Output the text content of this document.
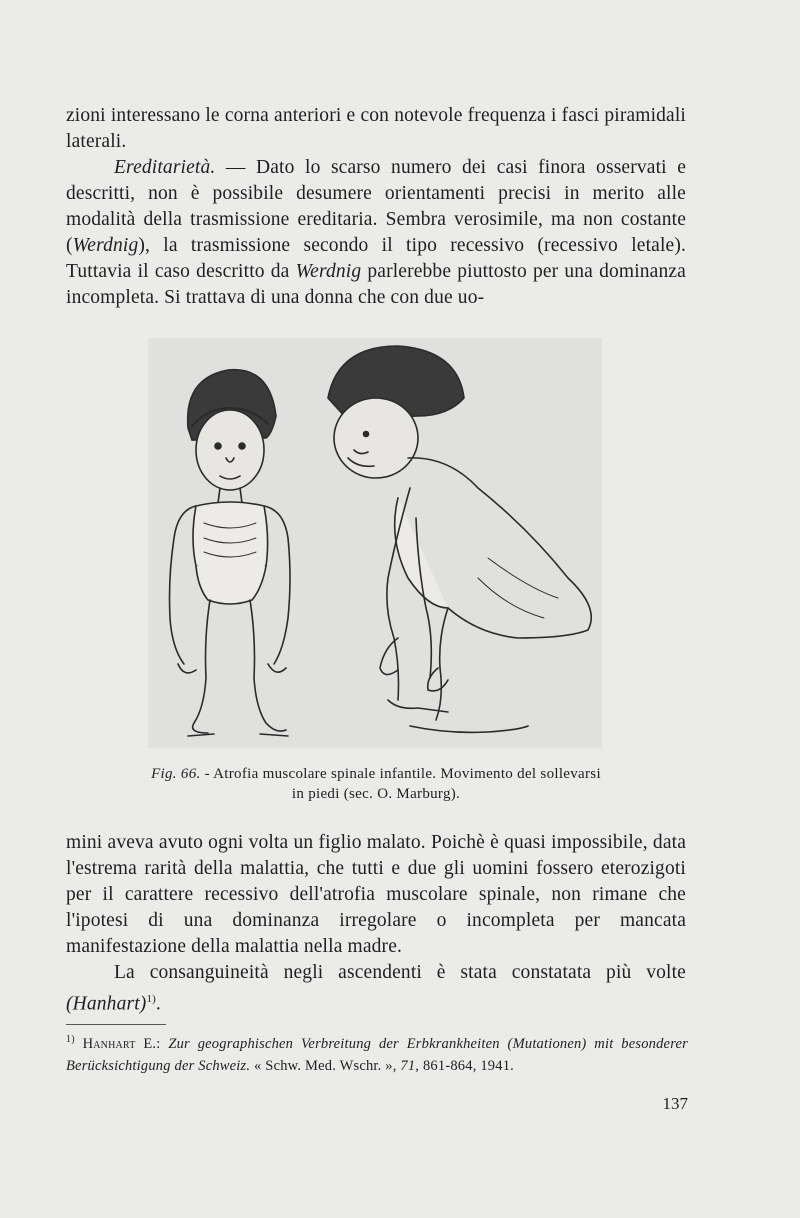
zioni interessano le corna anteriori e con notevole frequenza i fasci piramidali laterali.

Ereditarietà. — Dato lo scarso numero dei casi finora osservati e descritti, non è possibile desumere orientamenti precisi in merito alle modalità della trasmissione ereditaria. Sembra verosimile, ma non costante (Werdnig), la trasmissione secondo il tipo recessivo (recessivo letale). Tuttavia il caso descritto da Werdnig parlerebbe piuttosto per una dominanza incompleta. Si trattava di una donna che con due uo-

Fig. 66. - Atrofia muscolare spinale infantile. Movimento del sollevarsi in piedi (sec. O. Marburg).

mini aveva avuto ogni volta un figlio malato. Poichè è quasi impossibile, data l'estrema rarità della malattia, che tutti e due gli uomini fossero eterozigoti per il carattere recessivo dell'atrofia muscolare spinale, non rimane che l'ipotesi di una dominanza irregolare o incompleta per mancata manifestazione della malattia nella madre.

La consanguineità negli ascendenti è stata constatata più volte (Hanhart)$^{1)}$.

$^{1)}$ Hanhart E.: Zur geographischen Verbreitung der Erbkrankheiten (Mutationen) mit besonderer Berücksichtigung der Schweiz. « Schw. Med. Wschr. », 71, 861-864, 1941.
137
